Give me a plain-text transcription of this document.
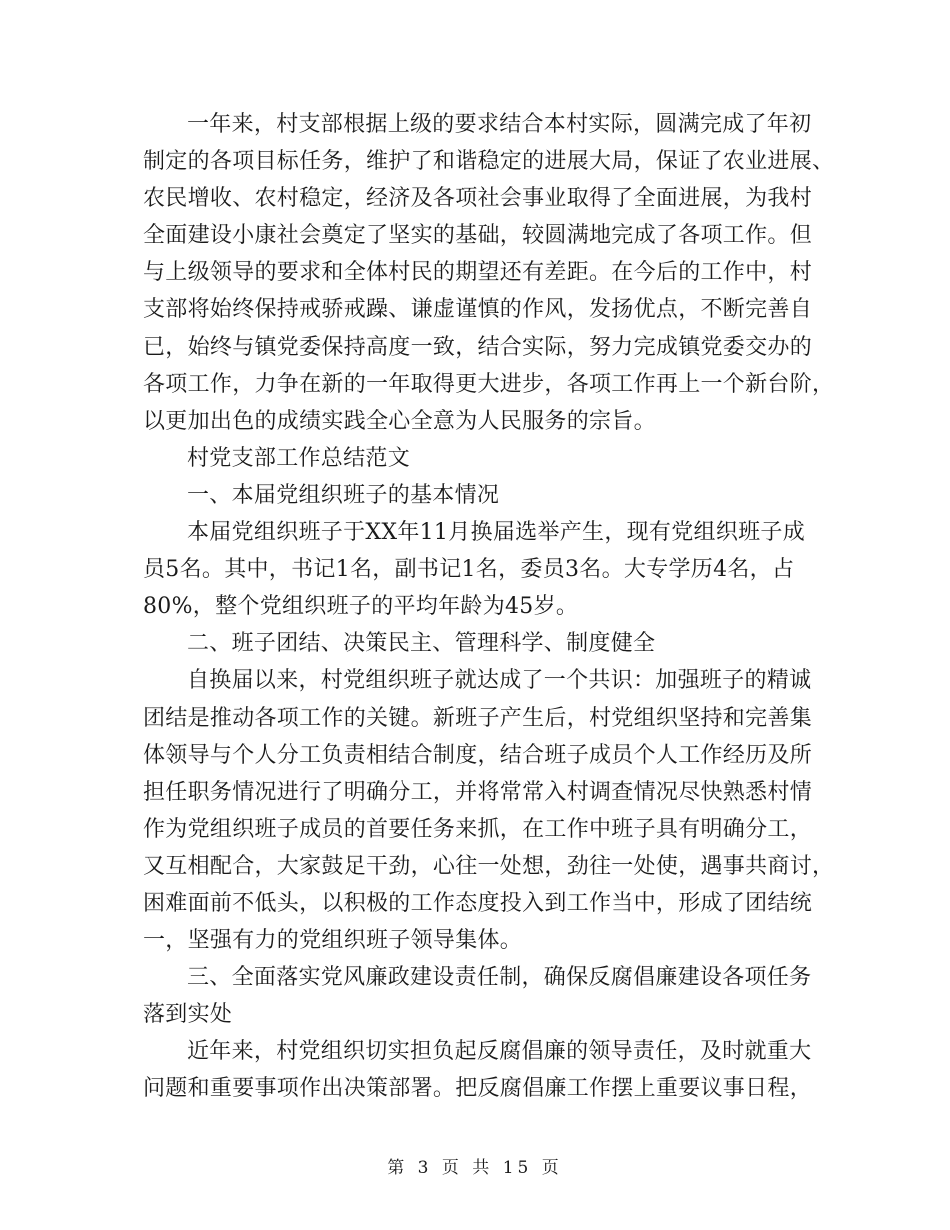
一年来，村支部根据上级的要求结合本村实际，圆满完成了年初
制定的各项目标任务，维护了和谐稳定的进展大局，保证了农业进展、
农民增收、农村稳定，经济及各项社会事业取得了全面进展，为我村
全面建设小康社会奠定了坚实的基础，较圆满地完成了各项工作。但
与上级领导的要求和全体村民的期望还有差距。在今后的工作中，村
支部将始终保持戒骄戒躁、谦虚谨慎的作风，发扬优点，不断完善自
已，始终与镇党委保持高度一致，结合实际，努力完成镇党委交办的
各项工作，力争在新的一年取得更大进步，各项工作再上一个新台阶，
以更加出色的成绩实践全心全意为人民服务的宗旨。
村党支部工作总结范文
一、本届党组织班子的基本情况
本届党组织班子于XX年11月换届选举产生，现有党组织班子成
员5名。其中，书记1名，副书记1名，委员3名。大专学历4名，占
80%，整个党组织班子的平均年龄为45岁。
二、班子团结、决策民主、管理科学、制度健全
自换届以来，村党组织班子就达成了一个共识：加强班子的精诚
团结是推动各项工作的关键。新班子产生后，村党组织坚持和完善集
体领导与个人分工负责相结合制度，结合班子成员个人工作经历及所
担任职务情况进行了明确分工，并将常常入村调查情况尽快熟悉村情
作为党组织班子成员的首要任务来抓，在工作中班子具有明确分工，
又互相配合，大家鼓足干劲，心往一处想，劲往一处使，遇事共商讨，
困难面前不低头，以积极的工作态度投入到工作当中，形成了团结统
一，坚强有力的党组织班子领导集体。
三、全面落实党风廉政建设责任制，确保反腐倡廉建设各项任务
落到实处
近年来，村党组织切实担负起反腐倡廉的领导责任，及时就重大
问题和重要事项作出决策部署。把反腐倡廉工作摆上重要议事日程，
第 3 页 共 15 页
